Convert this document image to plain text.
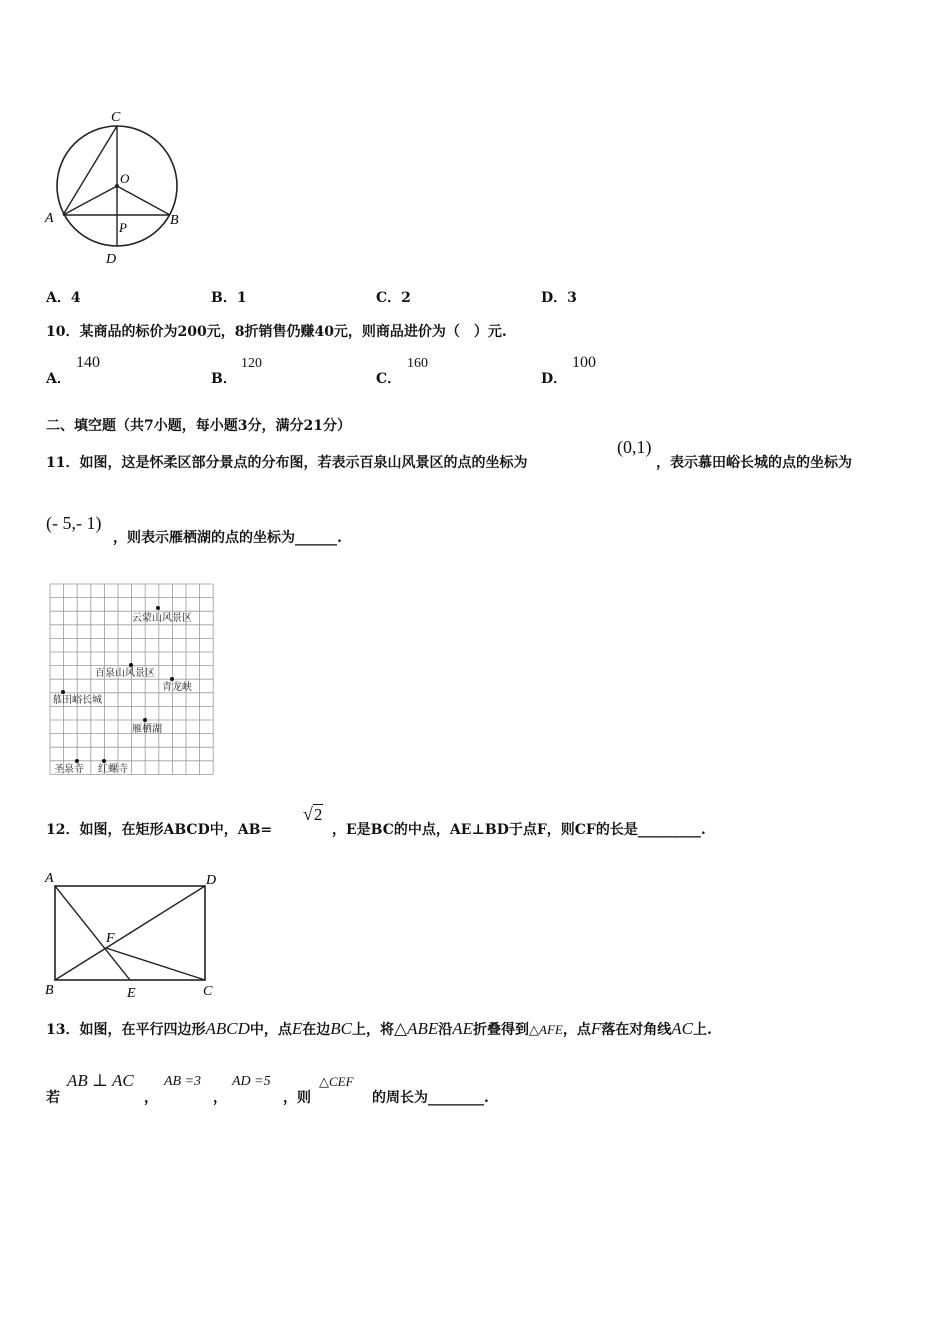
C
O
A	B
P
D
A．4	B．1	C．2	D．3
10．某商品的标价为200元，8折销售仍赚40元，则商品进价为（　）元.
A．
140
B．
120
C．
160
D．
100
二、填空题（共7小题，每小题3分，满分21分）
11．如图，这是怀柔区部分景点的分布图，若表示百泉山风景区的点的坐标为
(0,1)
，表示慕田峪长城的点的坐标为
(- 5,- 1)
，则表示雁栖湖的点的坐标为______.
云蒙山风景区
百泉山风景区
青龙峡
慕田峪长城
雁栖湖
圣泉寺 红螺寺
12．如图，在矩形ABCD中，AB=
√2
，E是BC的中点，AE⊥BD于点F，则CF的长是_________.
A	D
F
B	E	C
13．如图，在平行四边形ABCD中，点E在边BC上，将△ABE沿AE折叠得到△AFE，点F落在对角线AC上.
若
AB ⊥ AC
，
AB =3
，
AD =5
，则
△CEF
的周长为________.
